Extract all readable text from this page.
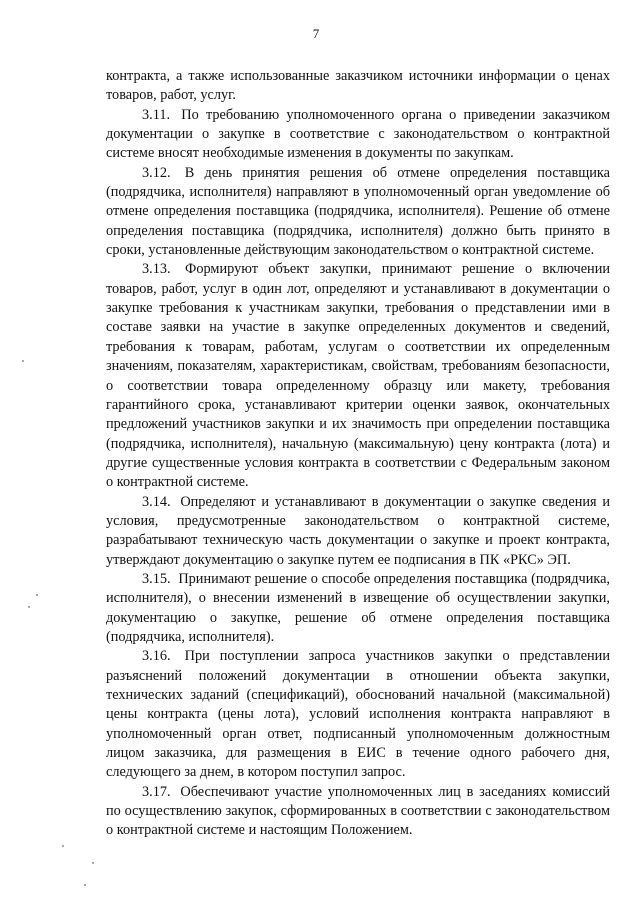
7

контракта, а также использованные заказчиком источники информации о ценах товаров, работ, услуг.

3.11. По требованию уполномоченного органа о приведении заказчиком документации о закупке в соответствие с законодательством о контрактной системе вносят необходимые изменения в документы по закупкам.

3.12. В день принятия решения об отмене определения поставщика (подрядчика, исполнителя) направляют в уполномоченный орган уведомление об отмене определения поставщика (подрядчика, исполнителя). Решение об отмене определения поставщика (подрядчика, исполнителя) должно быть принято в сроки, установленные действующим законодательством о контрактной системе.

3.13. Формируют объект закупки, принимают решение о включении товаров, работ, услуг в один лот, определяют и устанавливают в документации о закупке требования к участникам закупки, требования о представлении ими в составе заявки на участие в закупке определенных документов и сведений, требования к товарам, работам, услугам о соответствии их определенным значениям, показателям, характеристикам, свойствам, требованиям безопасности, о соответствии товара определенному образцу или макету, требования гарантийного срока, устанавливают критерии оценки заявок, окончательных предложений участников закупки и их значимость при определении поставщика (подрядчика, исполнителя), начальную (максимальную) цену контракта (лота) и другие существенные условия контракта в соответствии с Федеральным законом о контрактной системе.

3.14. Определяют и устанавливают в документации о закупке сведения и условия, предусмотренные законодательством о контрактной системе, разрабатывают техническую часть документации о закупке и проект контракта, утверждают документацию о закупке путем ее подписания в ПК «РКС» ЭП.

3.15. Принимают решение о способе определения поставщика (подрядчика, исполнителя), о внесении изменений в извещение об осуществлении закупки, документацию о закупке, решение об отмене определения поставщика (подрядчика, исполнителя).

3.16. При поступлении запроса участников закупки о представлении разъяснений положений документации в отношении объекта закупки, технических заданий (спецификаций), обоснований начальной (максимальной) цены контракта (цены лота), условий исполнения контракта направляют в уполномоченный орган ответ, подписанный уполномоченным должностным лицом заказчика, для размещения в ЕИС в течение одного рабочего дня, следующего за днем, в котором поступил запрос.

3.17. Обеспечивают участие уполномоченных лиц в заседаниях комиссий по осуществлению закупок, сформированных в соответствии с законодательством о контрактной системе и настоящим Положением.
